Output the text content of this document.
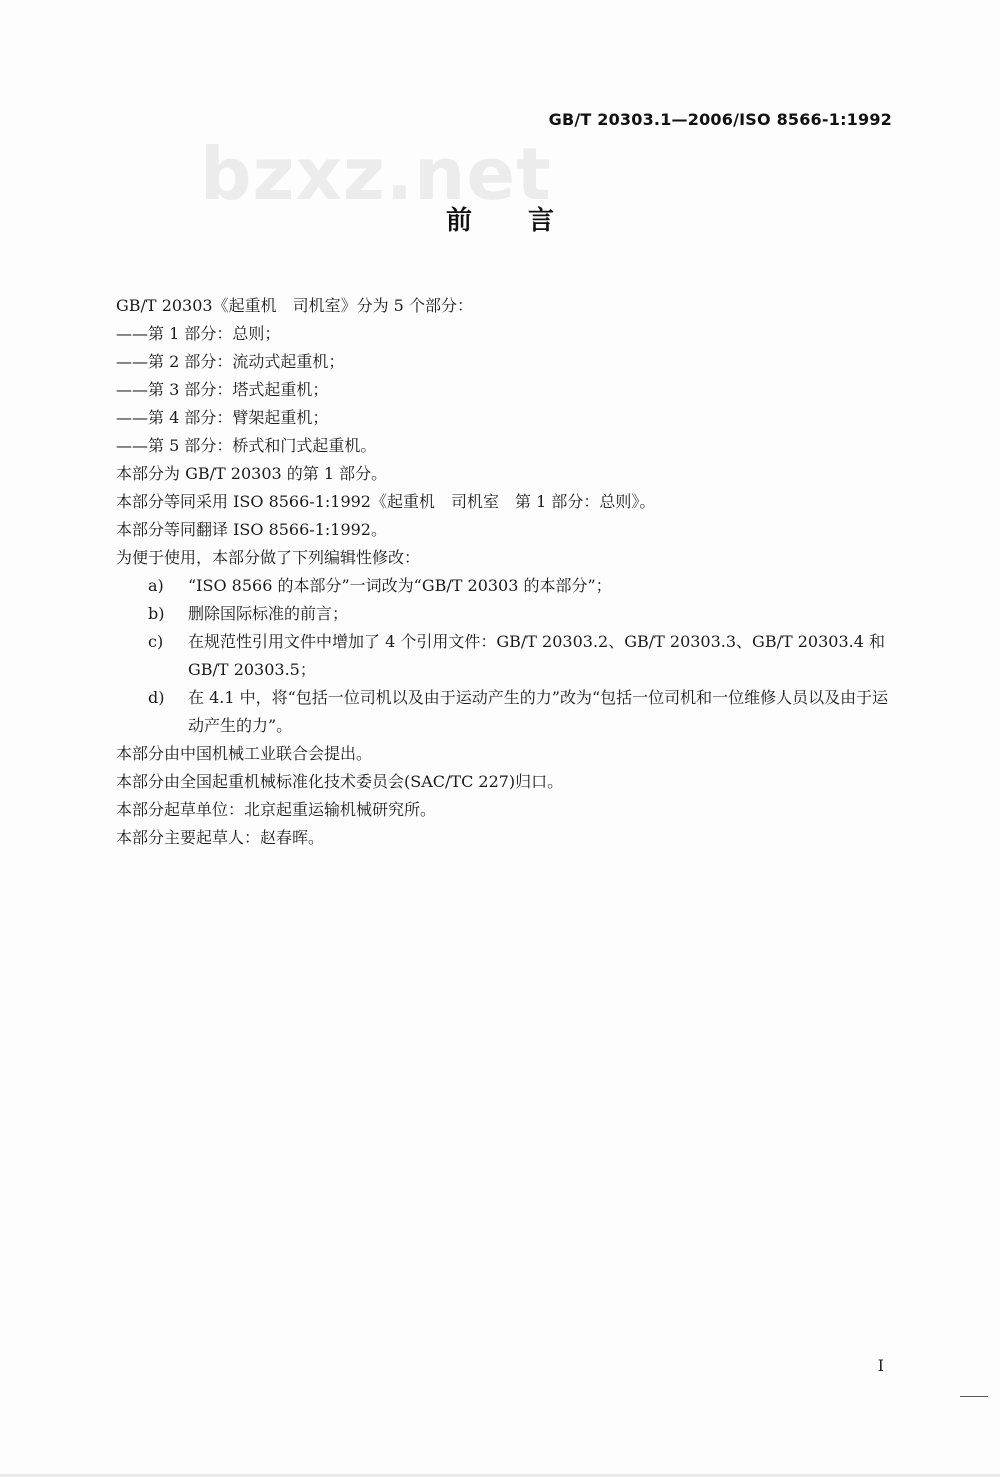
GB/T 20303.1—2006/ISO 8566-1:1992
bzxz.net
前言
GB/T 20303《起重机　司机室》分为 5 个部分：
——第 1 部分：总则；
——第 2 部分：流动式起重机；
——第 3 部分：塔式起重机；
——第 4 部分：臂架起重机；
——第 5 部分：桥式和门式起重机。
本部分为 GB/T 20303 的第 1 部分。
本部分等同采用 ISO 8566-1:1992《起重机　司机室　第 1 部分：总则》。
本部分等同翻译 ISO 8566-1:1992。
为便于使用，本部分做了下列编辑性修改：
a)	“ISO 8566 的本部分”一词改为“GB/T 20303 的本部分”；
b)	删除国际标准的前言；
c)	在规范性引用文件中增加了 4 个引用文件：GB/T 20303.2、GB/T 20303.3、GB/T 20303.4 和 GB/T 20303.5；
d)	在 4.1 中，将“包括一位司机以及由于运动产生的力”改为“包括一位司机和一位维修人员以及由于运动产生的力”。
本部分由中国机械工业联合会提出。
本部分由全国起重机械标准化技术委员会(SAC/TC 227)归口。
本部分起草单位：北京起重运输机械研究所。
本部分主要起草人：赵春晖。
I
